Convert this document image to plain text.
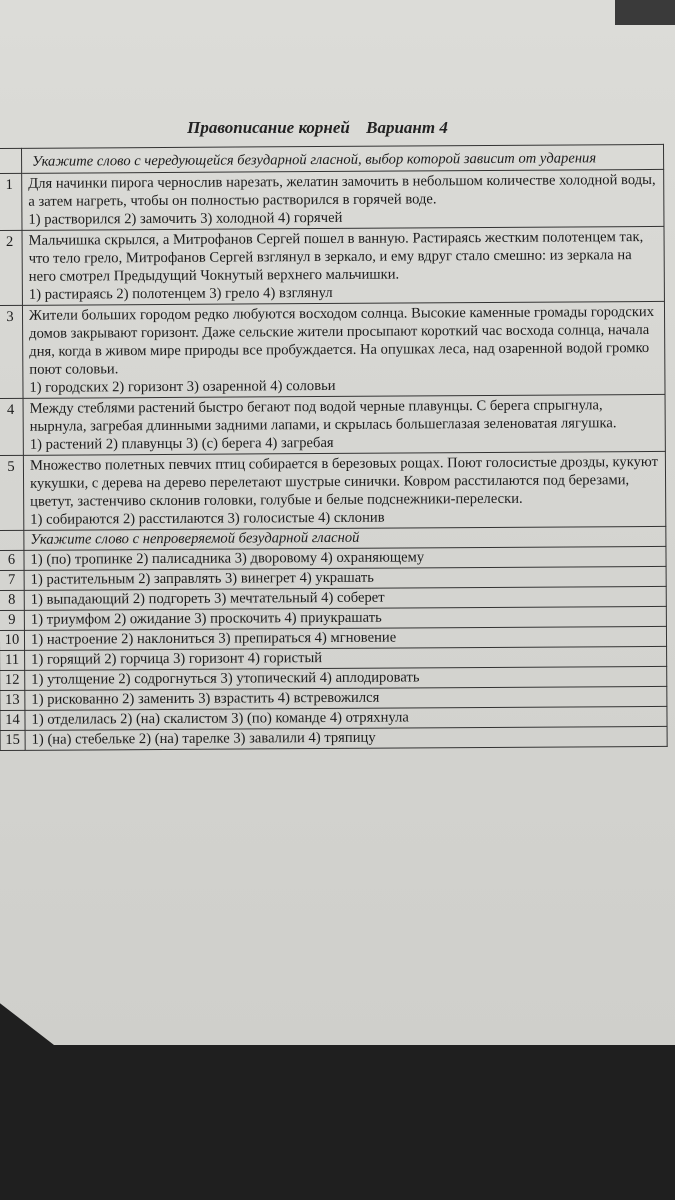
Правописание корней Вариант 4
	Укажите слово с чередующейся безударной гласной, выбор которой зависит от ударения
1	Для начинки пирога чернослив нарезать, желатин замочить в небольшом количестве холодной воды, а затем нагреть, чтобы он полностью растворился в горячей воде.
1) растворился 2) замочить 3) холодной 4) горячей

2	Мальчишка скрылся, а Митрофанов Сергей пошел в ванную. Растираясь жестким полотенцем так, что тело грело, Митрофанов Сергей взглянул в зеркало, и ему вдруг стало смешно: из зеркала на него смотрел Предыдущий Чокнутый верхнего мальчишки.
1) растираясь 2) полотенцем 3) грело 4) взглянул

3	Жители больших городом редко любуются восходом солнца. Высокие каменные громады городских домов закрывают горизонт. Даже сельские жители просыпают короткий час восхода солнца, начала дня, когда в живом мире природы все пробуждается. На опушках леса, над озаренной водой громко поют соловьи.
1) городских 2) горизонт 3) озаренной 4) соловьи

4	Между стеблями растений быстро бегают под водой черные плавунцы. С берега спрыгнула, нырнула, загребая длинными задними лапами, и скрылась большеглазая зеленоватая лягушка.
1) растений 2) плавунцы 3) (с) берега 4) загребая

5	Множество полетных певчих птиц собирается в березовых рощах. Поют голосистые дрозды, кукуют кукушки, с дерева на дерево перелетают шустрые синички. Ковром расстилаются под березами, цветут, застенчиво склонив головки, голубые и белые подснежники-перелески.
1) собираются 2) расстилаются 3) голосистые 4) склонив

	Укажите слово с непроверяемой безударной гласной
6	1) (по) тропинке 2) палисадника 3) дворовому 4) охраняющему
7	1) растительным 2) заправлять 3) винегрет 4) украшать
8	1) выпадающий 2) подгореть 3) мечтательный 4) соберет
9	1) триумфом 2) ожидание 3) проскочить 4) приукрашать
10	1) настроение 2) наклониться 3) препираться 4) мгновение
11	1) горящий 2) горчица 3) горизонт 4) гористый
12	1) утолщение 2) содрогнуться 3) утопический 4) аплодировать
13	1) рискованно 2) заменить 3) взрастить 4) встревожился
14	1) отделилась 2) (на) скалистом 3) (по) команде 4) отряхнула
15	1) (на) стебельке 2) (на) тарелке 3) завалили 4) тряпицу
